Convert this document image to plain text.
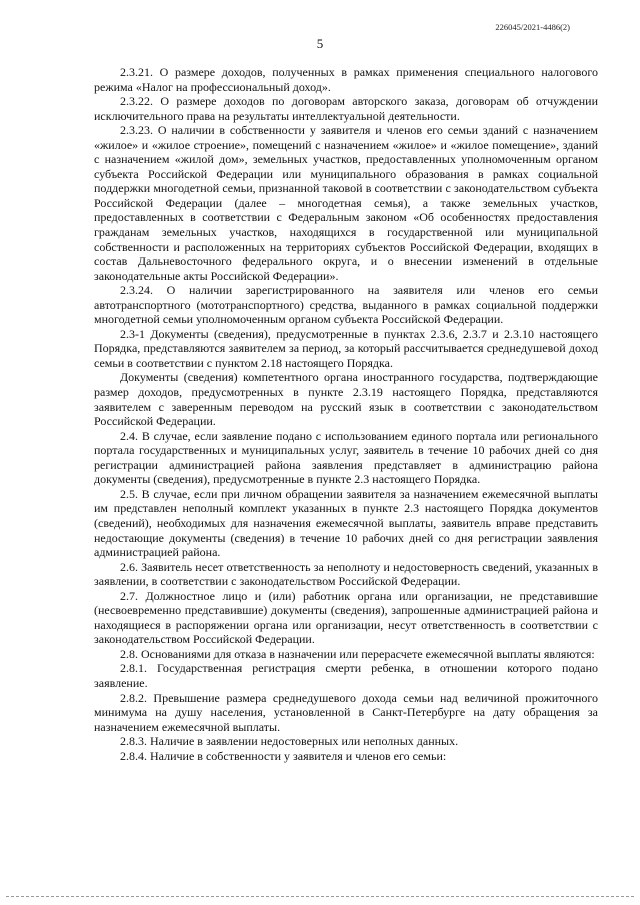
226045/2021-4486(2)
5

2.3.21. О размере доходов, полученных в рамках применения специального налогового режима «Налог на профессиональный доход».

2.3.22. О размере доходов по договорам авторского заказа, договорам об отчуждении исключительного права на результаты интеллектуальной деятельности.

2.3.23. О наличии в собственности у заявителя и членов его семьи зданий с назначением «жилое» и «жилое строение», помещений с назначением «жилое» и «жилое помещение», зданий с назначением «жилой дом», земельных участков, предоставленных уполномоченным органом субъекта Российской Федерации или муниципального образования в рамках социальной поддержки многодетной семьи, признанной таковой в соответствии с законодательством субъекта Российской Федерации (далее – многодетная семья), а также земельных участков, предоставленных в соответствии с Федеральным законом «Об особенностях предоставления гражданам земельных участков, находящихся в государственной или муниципальной собственности и расположенных на территориях субъектов Российской Федерации, входящих в состав Дальневосточного федерального округа, и о внесении изменений в отдельные законодательные акты Российской Федерации».

2.3.24. О наличии зарегистрированного на заявителя или членов его семьи автотранспортного (мототранспортного) средства, выданного в рамках социальной поддержки многодетной семьи уполномоченным органом субъекта Российской Федерации.

2.3-1 Документы (сведения), предусмотренные в пунктах 2.3.6, 2.3.7 и 2.3.10 настоящего Порядка, представляются заявителем за период, за который рассчитывается среднедушевой доход семьи в соответствии с пунктом 2.18 настоящего Порядка.

Документы (сведения) компетентного органа иностранного государства, подтверждающие размер доходов, предусмотренных в пункте 2.3.19 настоящего Порядка, представляются заявителем с заверенным переводом на русский язык в соответствии с законодательством Российской Федерации.

2.4. В случае, если заявление подано с использованием единого портала или регионального портала государственных и муниципальных услуг, заявитель в течение 10 рабочих дней со дня регистрации администрацией района заявления представляет в администрацию района документы (сведения), предусмотренные в пункте 2.3 настоящего Порядка.

2.5. В случае, если при личном обращении заявителя за назначением ежемесячной выплаты им представлен неполный комплект указанных в пункте 2.3 настоящего Порядка документов (сведений), необходимых для назначения ежемесячной выплаты, заявитель вправе представить недостающие документы (сведения) в течение 10 рабочих дней со дня регистрации заявления администрацией района.

2.6. Заявитель несет ответственность за неполноту и недостоверность сведений, указанных в заявлении, в соответствии с законодательством Российской Федерации.

2.7. Должностное лицо и (или) работник органа или организации, не представившие (несвоевременно представившие) документы (сведения), запрошенные администрацией района и находящиеся в распоряжении органа или организации, несут ответственность в соответствии с законодательством Российской Федерации.

2.8. Основаниями для отказа в назначении или перерасчете ежемесячной выплаты являются:

2.8.1. Государственная регистрация смерти ребенка, в отношении которого подано заявление.

2.8.2. Превышение размера среднедушевого дохода семьи над величиной прожиточного минимума на душу населения, установленной в Санкт-Петербурге на дату обращения за назначением ежемесячной выплаты.

2.8.3. Наличие в заявлении недостоверных или неполных данных.

2.8.4. Наличие в собственности у заявителя и членов его семьи:
